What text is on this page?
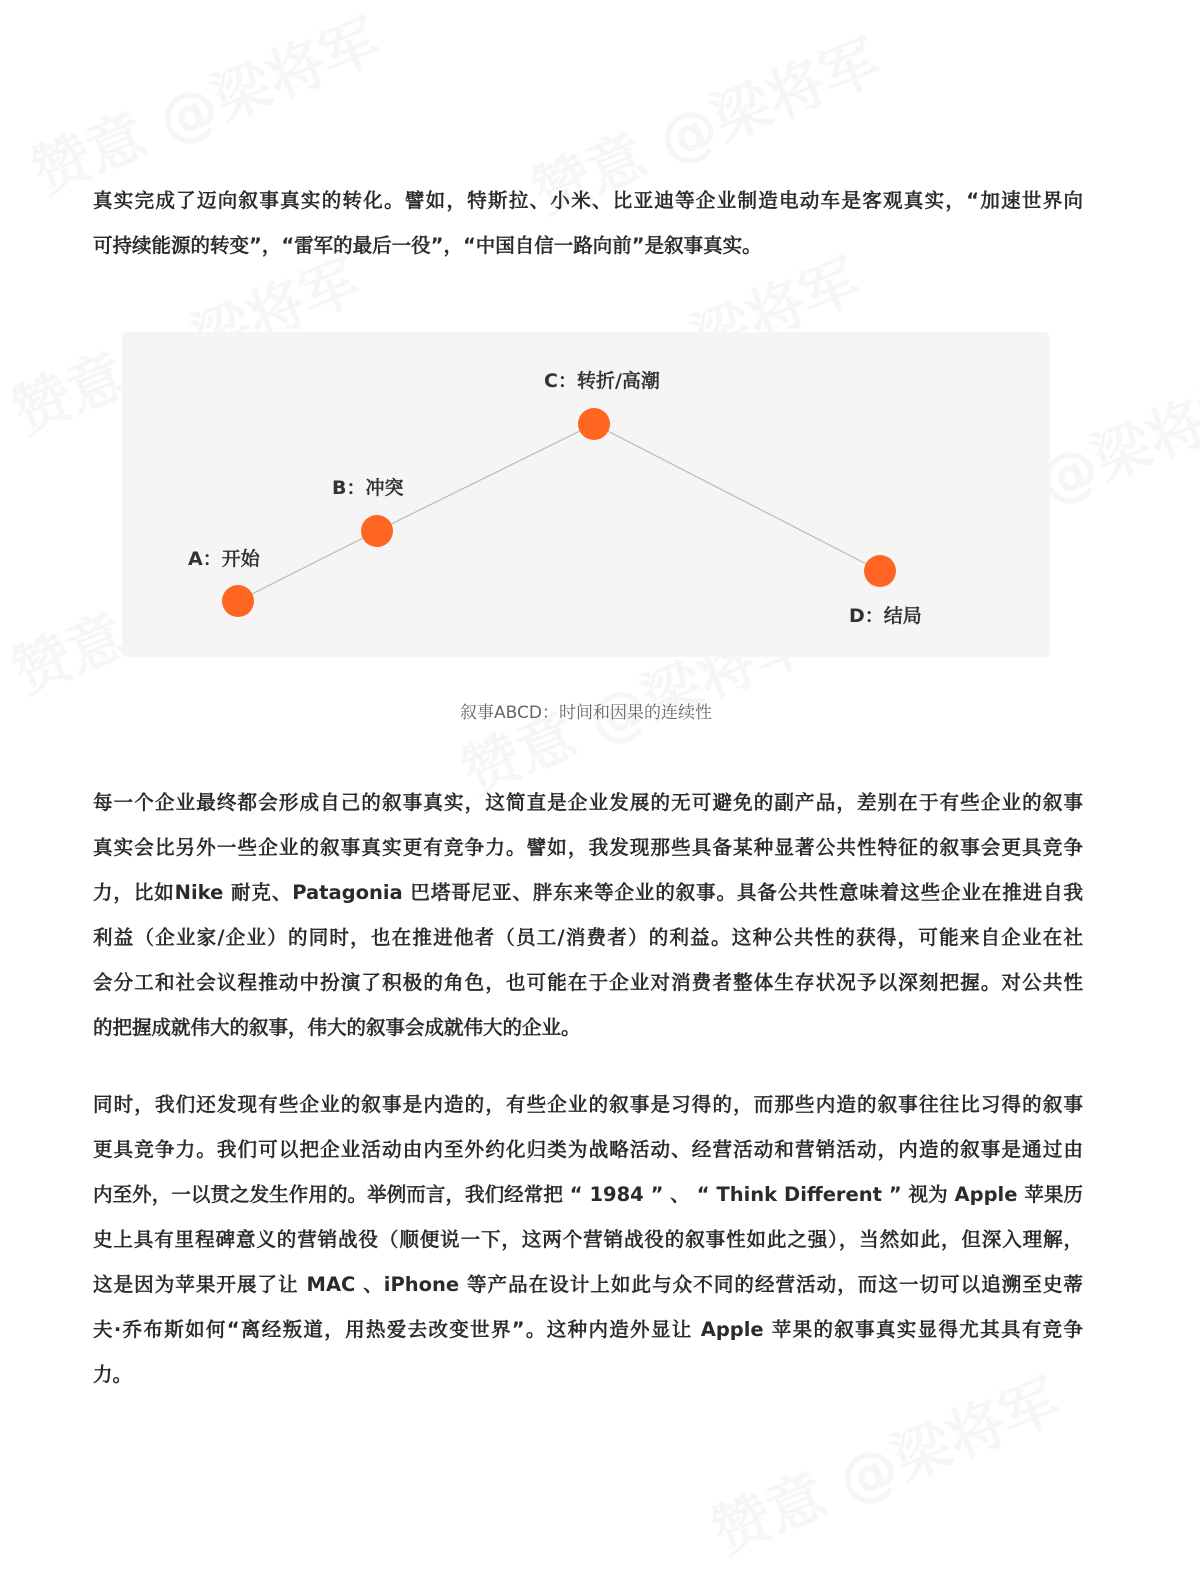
真实完成了迈向叙事真实的转化。譬如，特斯拉、小米、比亚迪等企业制造电动车是客观真实，“加速世界向
可持续能源的转变”，“雷军的最后一役”，“中国自信一路向前”是叙事真实。
A：开始
B：冲突
C：转折/高潮
D：结局
叙事ABCD：时间和因果的连续性
每一个企业最终都会形成自己的叙事真实，这简直是企业发展的无可避免的副产品，差别在于有些企业的叙事
真实会比另外一些企业的叙事真实更有竞争力。譬如，我发现那些具备某种显著公共性特征的叙事会更具竞争
力，比如Nike 耐克、Patagonia 巴塔哥尼亚、胖东来等企业的叙事。具备公共性意味着这些企业在推进自我
利益（企业家/企业）的同时，也在推进他者（员工/消费者）的利益。这种公共性的获得，可能来自企业在社
会分工和社会议程推动中扮演了积极的角色，也可能在于企业对消费者整体生存状况予以深刻把握。对公共性
的把握成就伟大的叙事，伟大的叙事会成就伟大的企业。
同时，我们还发现有些企业的叙事是内造的，有些企业的叙事是习得的，而那些内造的叙事往往比习得的叙事
更具竞争力。我们可以把企业活动由内至外约化归类为战略活动、经营活动和营销活动，内造的叙事是通过由
内至外，一以贯之发生作用的。举例而言，我们经常把 “ 1984 ” 、 “ Think Different ” 视为 Apple 苹果历
史上具有里程碑意义的营销战役（顺便说一下，这两个营销战役的叙事性如此之强），当然如此，但深入理解，
这是因为苹果开展了让 MAC 、iPhone 等产品在设计上如此与众不同的经营活动，而这一切可以追溯至史蒂
夫·乔布斯如何“离经叛道，用热爱去改变世界”。这种内造外显让 Apple 苹果的叙事真实显得尤其具有竞争
力。
